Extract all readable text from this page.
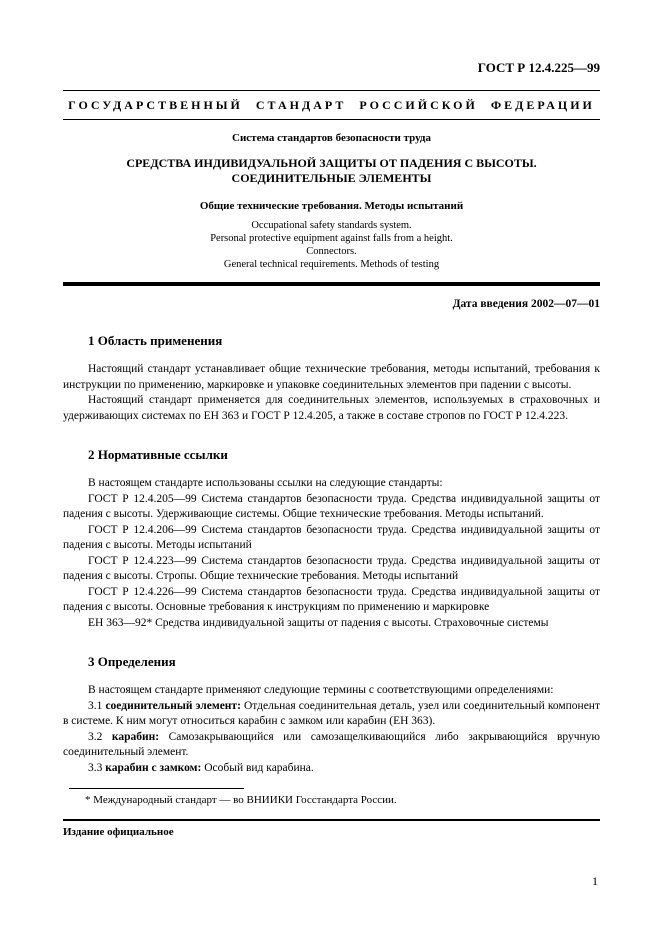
ГОСТ Р 12.4.225—99
ГОСУДАРСТВЕННЫЙ СТАНДАРТ РОССИЙСКОЙ ФЕДЕРАЦИИ
Система стандартов безопасности труда
СРЕДСТВА ИНДИВИДУАЛЬНОЙ ЗАЩИТЫ ОТ ПАДЕНИЯ С ВЫСОТЫ.
СОЕДИНИТЕЛЬНЫЕ ЭЛЕМЕНТЫ
Общие технические требования. Методы испытаний
Occupational safety standards system.
Personal protective equipment against falls from a height.
Connectors.
General technical requirements. Methods of testing
Дата введения 2002—07—01
1 Область применения

Настоящий стандарт устанавливает общие технические требования, методы испытаний, требования к инструкции по применению, маркировке и упаковке соединительных элементов при падении с высоты.

Настоящий стандарт применяется для соединительных элементов, используемых в страховочных и удерживающих системах по ЕН 363 и ГОСТ Р 12.4.205, а также в составе стропов по ГОСТ Р 12.4.223.

2 Нормативные ссылки

В настоящем стандарте использованы ссылки на следующие стандарты:

ГОСТ Р 12.4.205—99 Система стандартов безопасности труда. Средства индивидуальной защиты от падения с высоты. Удерживающие системы. Общие технические требования. Методы испытаний.

ГОСТ Р 12.4.206—99 Система стандартов безопасности труда. Средства индивидуальной защиты от падения с высоты. Методы испытаний

ГОСТ Р 12.4.223—99 Система стандартов безопасности труда. Средства индивидуальной защиты от падения с высоты. Стропы. Общие технические требования. Методы испытаний

ГОСТ Р 12.4.226—99 Система стандартов безопасности труда. Средства индивидуальной защиты от падения с высоты. Основные требования к инструкциям по применению и маркировке

ЕН 363—92* Средства индивидуальной защиты от падения с высоты. Страховочные системы

3 Определения

В настоящем стандарте применяют следующие термины с соответствующими определениями:

3.1 соединительный элемент: Отдельная соединительная деталь, узел или соединительный компонент в системе. К ним могут относиться карабин с замком или карабин (ЕН 363).

3.2 карабин: Самозакрывающийся или самозащелкивающийся либо закрывающийся вручную соединительный элемент.

3.3 карабин с замком: Особый вид карабина.

* Международный стандарт — во ВНИИКИ Госстандарта России.
Издание официальное
1
